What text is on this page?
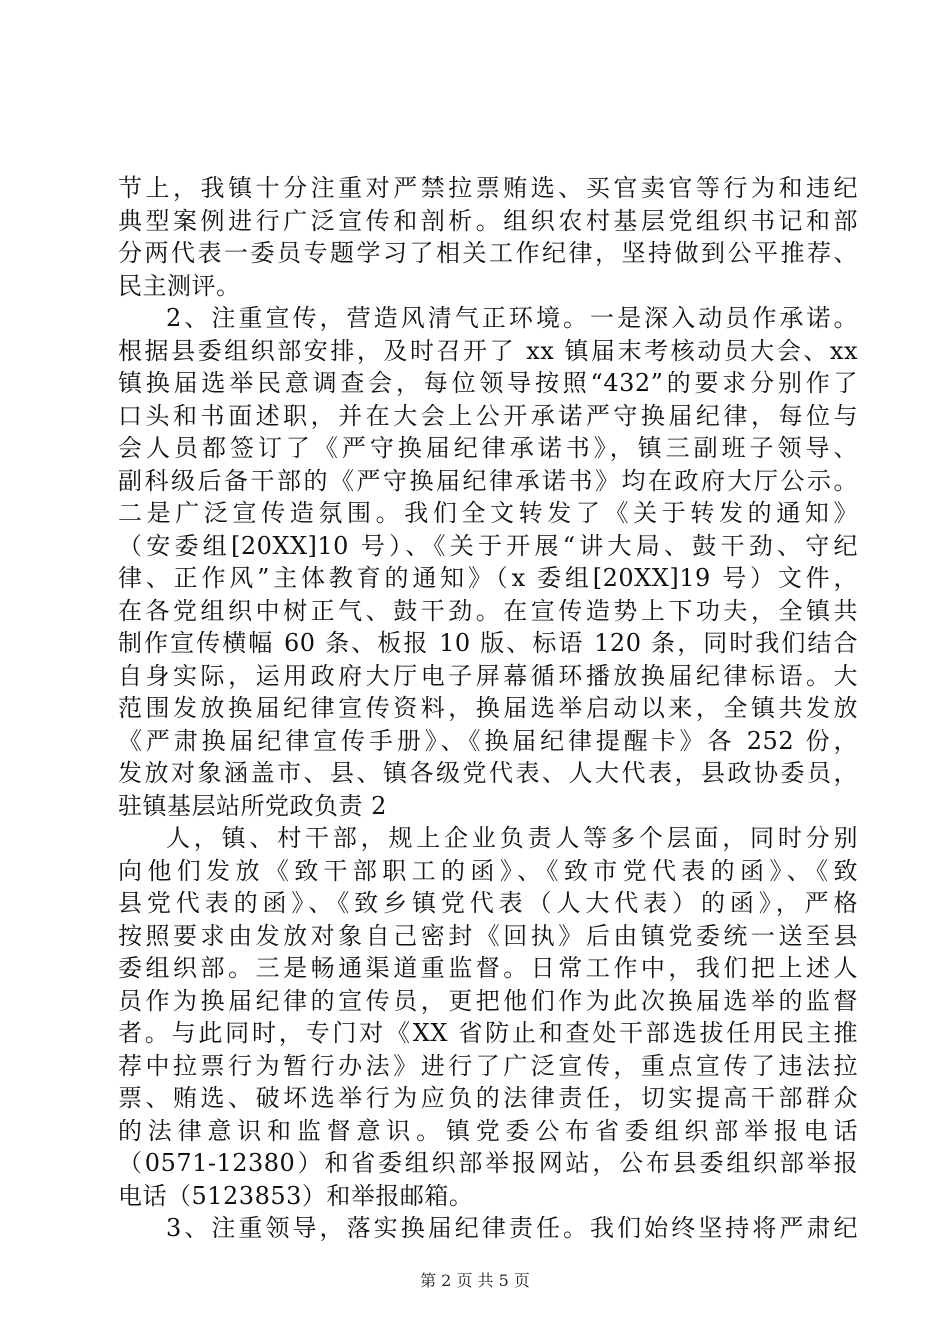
节上，我镇十分注重对严禁拉票贿选、买官卖官等行为和违纪
典型案例进行广泛宣传和剖析。组织农村基层党组织书记和部
分两代表一委员专题学习了相关工作纪律，坚持做到公平推荐、
民主测评。
2、注重宣传，营造风清气正环境。一是深入动员作承诺。
根据县委组织部安排，及时召开了 xx 镇届末考核动员大会、xx
镇换届选举民意调查会，每位领导按照“432”的要求分别作了
口头和书面述职，并在大会上公开承诺严守换届纪律，每位与
会人员都签订了《严守换届纪律承诺书》，镇三副班子领导、
副科级后备干部的《严守换届纪律承诺书》均在政府大厅公示。
二是广泛宣传造氛围。我们全文转发了《关于转发的通知》
（安委组[20XX]10 号）、《关于开展“讲大局、鼓干劲、守纪
律、正作风”主体教育的通知》（x 委组[20XX]19 号）文件，
在各党组织中树正气、鼓干劲。在宣传造势上下功夫，全镇共
制作宣传横幅 60 条、板报 10 版、标语 120 条，同时我们结合
自身实际，运用政府大厅电子屏幕循环播放换届纪律标语。大
范围发放换届纪律宣传资料，换届选举启动以来，全镇共发放
《严肃换届纪律宣传手册》、《换届纪律提醒卡》各 252 份，
发放对象涵盖市、县、镇各级党代表、人大代表，县政协委员，
驻镇基层站所党政负责 2
人，镇、村干部，规上企业负责人等多个层面，同时分别
向他们发放《致干部职工的函》、《致市党代表的函》、《致
县党代表的函》、《致乡镇党代表（人大代表）的函》，严格
按照要求由发放对象自己密封《回执》后由镇党委统一送至县
委组织部。三是畅通渠道重监督。日常工作中，我们把上述人
员作为换届纪律的宣传员，更把他们作为此次换届选举的监督
者。与此同时，专门对《XX 省防止和查处干部选拔任用民主推
荐中拉票行为暂行办法》进行了广泛宣传，重点宣传了违法拉
票、贿选、破坏选举行为应负的法律责任，切实提高干部群众
的法律意识和监督意识。镇党委公布省委组织部举报电话
（0571-12380）和省委组织部举报网站，公布县委组织部举报
电话（5123853）和举报邮箱。
3、注重领导，落实换届纪律责任。我们始终坚持将严肃纪
第 2 页 共 5 页
